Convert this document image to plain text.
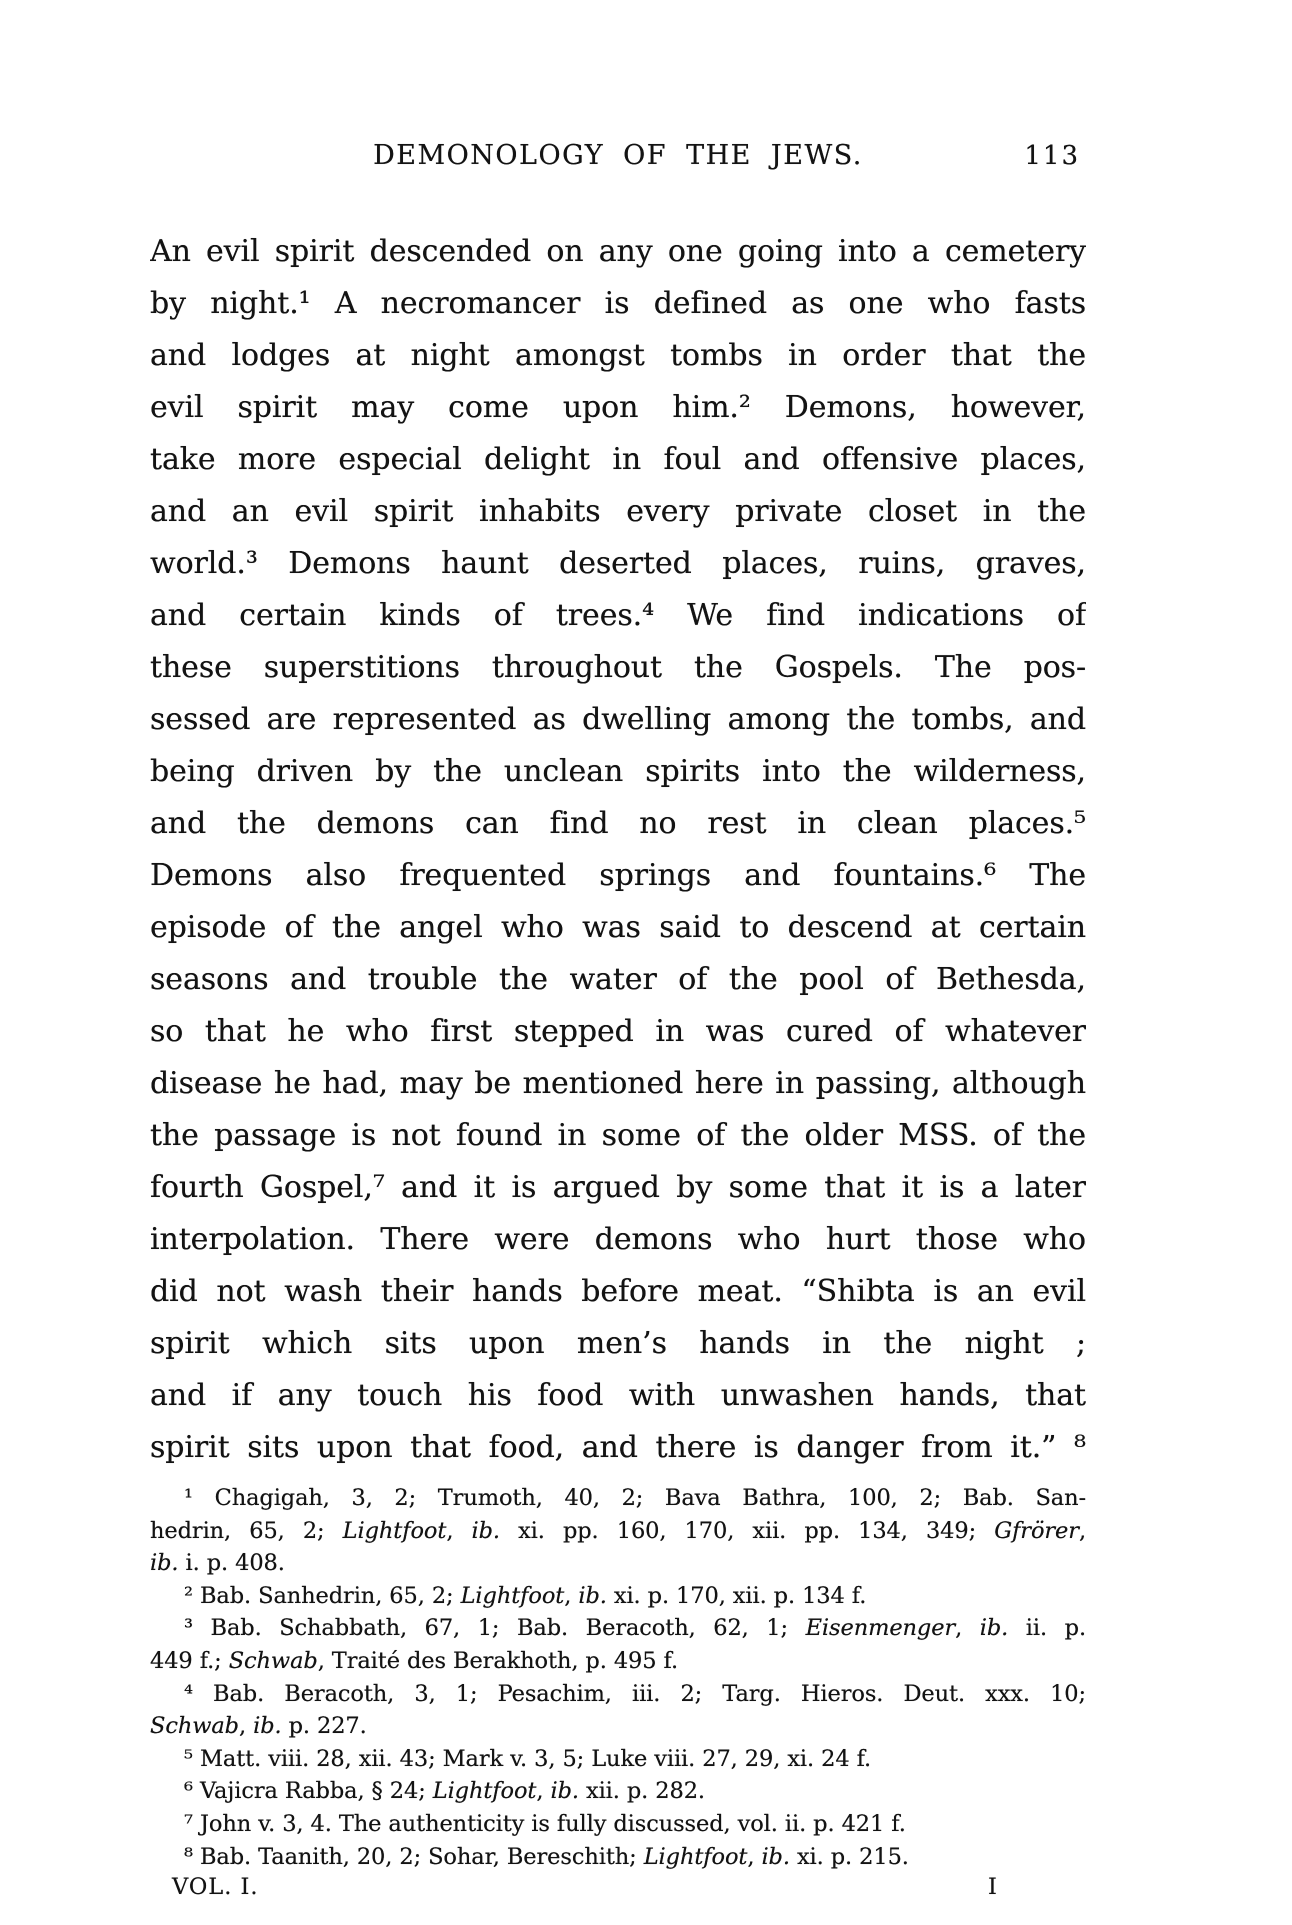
DEMONOLOGY OF THE JEWS.	113
An evil spirit descended on any one going into a cemetery
by night.¹ A necromancer is defined as one who fasts
and lodges at night amongst tombs in order that the
evil spirit may come upon him.² Demons, however,
take more especial delight in foul and offensive places,
and an evil spirit inhabits every private closet in the
world.³ Demons haunt deserted places, ruins, graves,
and certain kinds of trees.⁴ We find indications of
these superstitions throughout the Gospels. The pos-
sessed are represented as dwelling among the tombs, and
being driven by the unclean spirits into the wilderness,
and the demons can find no rest in clean places.⁵
Demons also frequented springs and fountains.⁶ The
episode of the angel who was said to descend at certain
seasons and trouble the water of the pool of Bethesda,
so that he who first stepped in was cured of whatever
disease he had, may be mentioned here in passing, although
the passage is not found in some of the older MSS. of the
fourth Gospel,⁷ and it is argued by some that it is a later
interpolation. There were demons who hurt those who
did not wash their hands before meat. “Shibta is an evil
spirit which sits upon men’s hands in the night ;
and if any touch his food with unwashen hands, that
spirit sits upon that food, and there is danger from it.” ⁸
¹ Chagigah, 3, 2; Trumoth, 40, 2; Bava Bathra, 100, 2; Bab. San-
hedrin, 65, 2; Lightfoot, ib. xi. pp. 160, 170, xii. pp. 134, 349; Gfrörer,
ib. i. p. 408.
² Bab. Sanhedrin, 65, 2; Lightfoot, ib. xi. p. 170, xii. p. 134 f.
³ Bab. Schabbath, 67, 1; Bab. Beracoth, 62, 1; Eisenmenger, ib. ii. p.
449 f.; Schwab, Traité des Berakhoth, p. 495 f.
⁴ Bab. Beracoth, 3, 1; Pesachim, iii. 2; Targ. Hieros. Deut. xxx. 10;
Schwab, ib. p. 227.
⁵ Matt. viii. 28, xii. 43; Mark v. 3, 5; Luke viii. 27, 29, xi. 24 f.
⁶ Vajicra Rabba, § 24; Lightfoot, ib. xii. p. 282.
⁷ John v. 3, 4. The authenticity is fully discussed, vol. ii. p. 421 f.
⁸ Bab. Taanith, 20, 2; Sohar, Bereschith; Lightfoot, ib. xi. p. 215.
VOL. I.	I
